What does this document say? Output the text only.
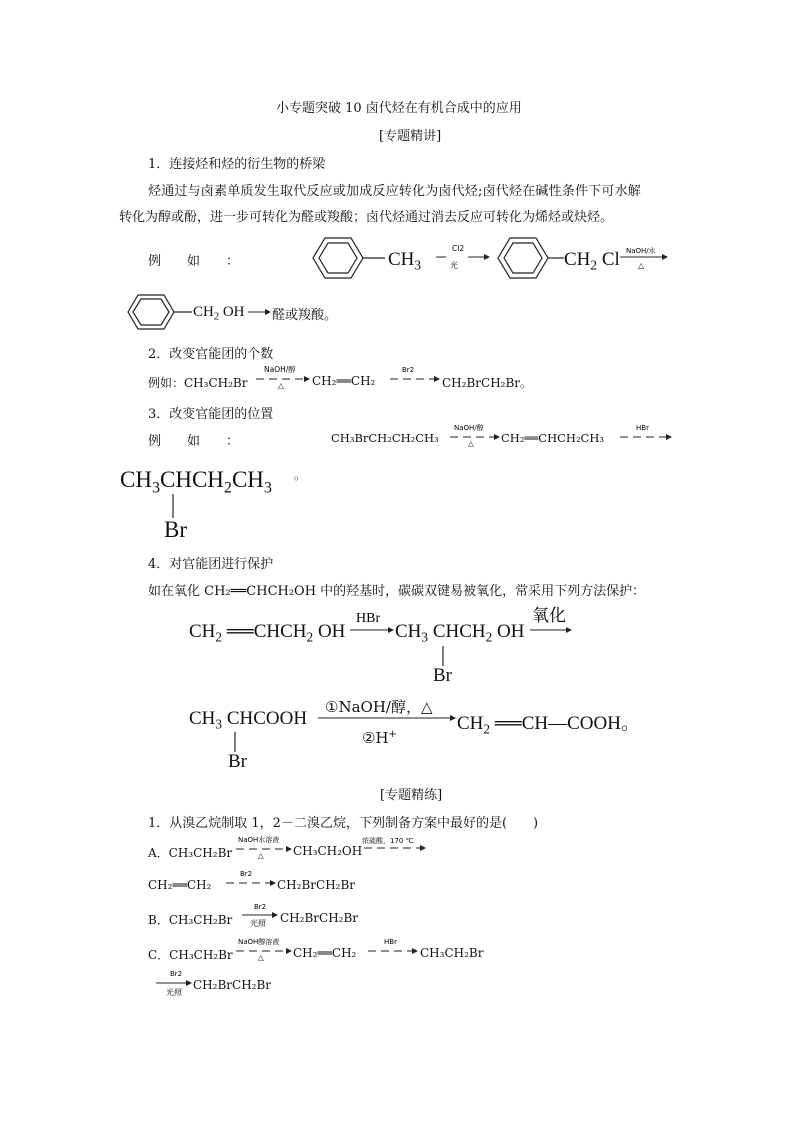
小专题突破 10 卤代烃在有机合成中的应用
[专题精讲]
1．连接烃和烃的衍生物的桥梁
烃通过与卤素单质发生取代反应或加成反应转化为卤代烃;卤代烃在碱性条件下可水解
转化为醇或酚，进一步可转化为醛或羧酸；卤代烃通过消去反应可转化为烯烃或炔烃。
例　　如　　：	$CH_3$
Cl2
光	$CH_2$ Cl NaOH/水
△
$CH_2$ OH 醛或羧酸。
2．改变官能团的个数
例如：CH₃CH₂Br
NaOH/醇
△ CH₂══CH₂
Br2
CH₂BrCH₂Br。
3．改变官能团的位置
例　　如　　：	CH₃BrCH₂CH₂CH₃
NaOH/醇
△ CH₂══CHCH₂CH₃
HBr
$CH_3CHCH_2CH_3$
Br
。
4．对官能团进行保护
如在氧化 CH₂══CHCH₂OH 中的羟基时，碳碳双键易被氧化，常采用下列方法保护：
$CH_2$ $══CHCH_2$ OH
HBr
$CH_3$ $CHCH_2$ OH
Br
氧化
$CH_3$ CHCOOH
Br
①NaOH/醇，△
②H+
$CH_2$ ══CH—COOH。
[专题精练]
1．从溴乙烷制取 1，2－二溴乙烷，下列制备方案中最好的是(　　)
A．CH₃CH₂Br
NaOH水溶液
△ CH₃CH₂OH
浓硫酸，170 ℃
CH₂══CH₂
Br2
CH₂BrCH₂Br
B．CH₃CH₂Br
Br2
光照 CH₂BrCH₂Br
C．CH₃CH₂Br
NaOH醇溶液
△ CH₂══CH₂
HBr
CH₃CH₂Br
Br2
光照
CH₂BrCH₂Br
